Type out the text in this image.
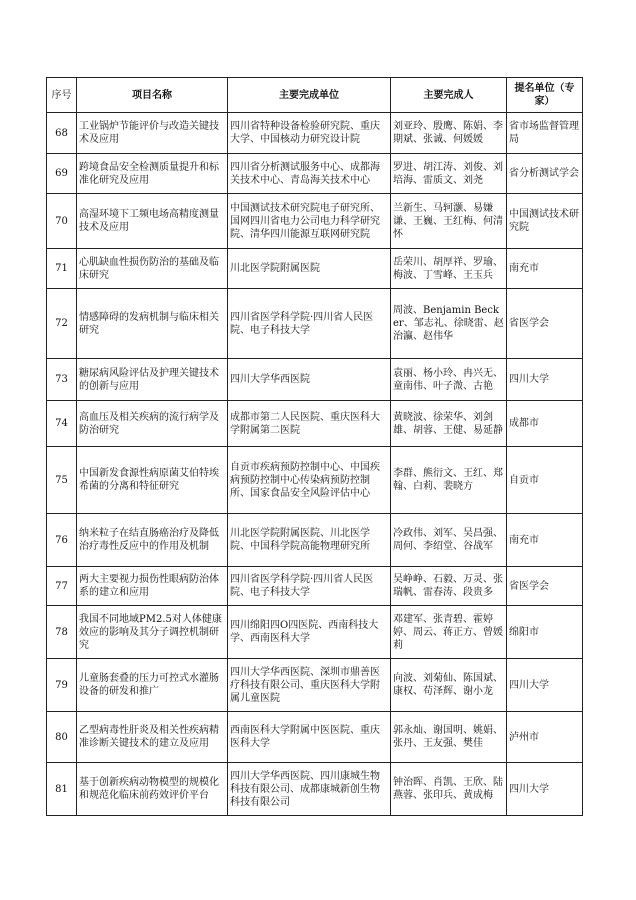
序号	项目名称	主要完成单位	主要完成人	提名单位（专家）
68	工业锅炉节能评价与改造关键技术及应用	四川省特种设备检验研究院、重庆大学、中国核动力研究设计院	刘亚玲、殷鹰、陈娟、李期斌、张诚、何媛媛	省市场监督管理局
69	跨境食品安全检测质量提升和标准化研究及应用	四川省分析测试服务中心、成都海关技术中心、青岛海关技术中心	罗进、胡江涛、刘俊、刘培海、雷质文、刘尧	省分析测试学会
70	高湿环境下工频电场高精度测量技术及应用	中国测试技术研究院电子研究所、国网四川省电力公司电力科学研究院、清华四川能源互联网研究院	兰新生、马轲灏、易嫌谦、王巍、王红梅、何清怀	中国测试技术研究院
71	心肌缺血性损伤防治的基础及临床研究	川北医学院附属医院	岳荣川、胡厚祥、罗瑜、梅波、丁雪峰、王玉兵	南充市
72	情感障碍的发病机制与临床相关研究	四川省医学科学院·四川省人民医院、电子科技大学	周波、Benjamin Becker、邹志礼、徐晓雷、赵治瀛、赵伟华	省医学会
73	糖尿病风险评估及护理关键技术的创新与应用	四川大学华西医院	袁丽、杨小玲、冉兴无、童南伟、叶子溦、古艳	四川大学
74	高血压及相关疾病的流行病学及防治研究	成都市第二人民医院、重庆医科大学附属第二医院	黄晓波、徐荣华、刘剑雄、胡蓉、王健、易延静	成都市
75	中国新发食源性病原菌艾伯特埃希菌的分离和特征研究	自贡市疾病预防控制中心、中国疾病预防控制中心传染病预防控制所、国家食品安全风险评估中心	李群、熊衍文、王红、郑翰、白莉、裴晓方	自贡市
76	纳米粒子在结直肠癌治疗及降低治疗毒性反应中的作用及机制	川北医学院附属医院、川北医学院、中国科学院高能物理研究所	冷政伟、刘军、吴昌强、周何、李绍堂、谷战军	南充市
77	两大主要视力损伤性眼病防治体系的建立和应用	四川省医学科学院·四川省人民医院、电子科技大学	吴峥峥、石毅、万灵、张瑞帆、雷春涛、段贵多	省医学会
78	我国不同地域PM2.5对人体健康效应的影响及其分子调控机制研究	四川绵阳四O四医院、西南科技大学、西南医科大学	邓建军、张青碧、霍婷婷、周云、蒋正方、曾媛莉	绵阳市
79	儿童肠套叠的压力可控式水灌肠设备的研发和推广	四川大学华西医院、深圳市鼎善医疗科技有限公司、重庆医科大学附属儿童医院	向波、刘菊仙、陈国斌、康权、苟泽辉、谢小龙	四川大学
80	乙型病毒性肝炎及相关性疾病精准诊断关键技术的建立及应用	西南医科大学附属中医医院、重庆医科大学	郭永灿、谢国明、姚娟、张丹、王友强、樊佳	泸州市
81	基于创新疾病动物模型的规模化和规范化临床前药效评价平台	四川大学华西医院、四川康城生物科技有限公司、成都康城新创生物科技有限公司	钟治晖、肖凯、王欣、陆燕蓉、张印兵、黄成梅	四川大学
